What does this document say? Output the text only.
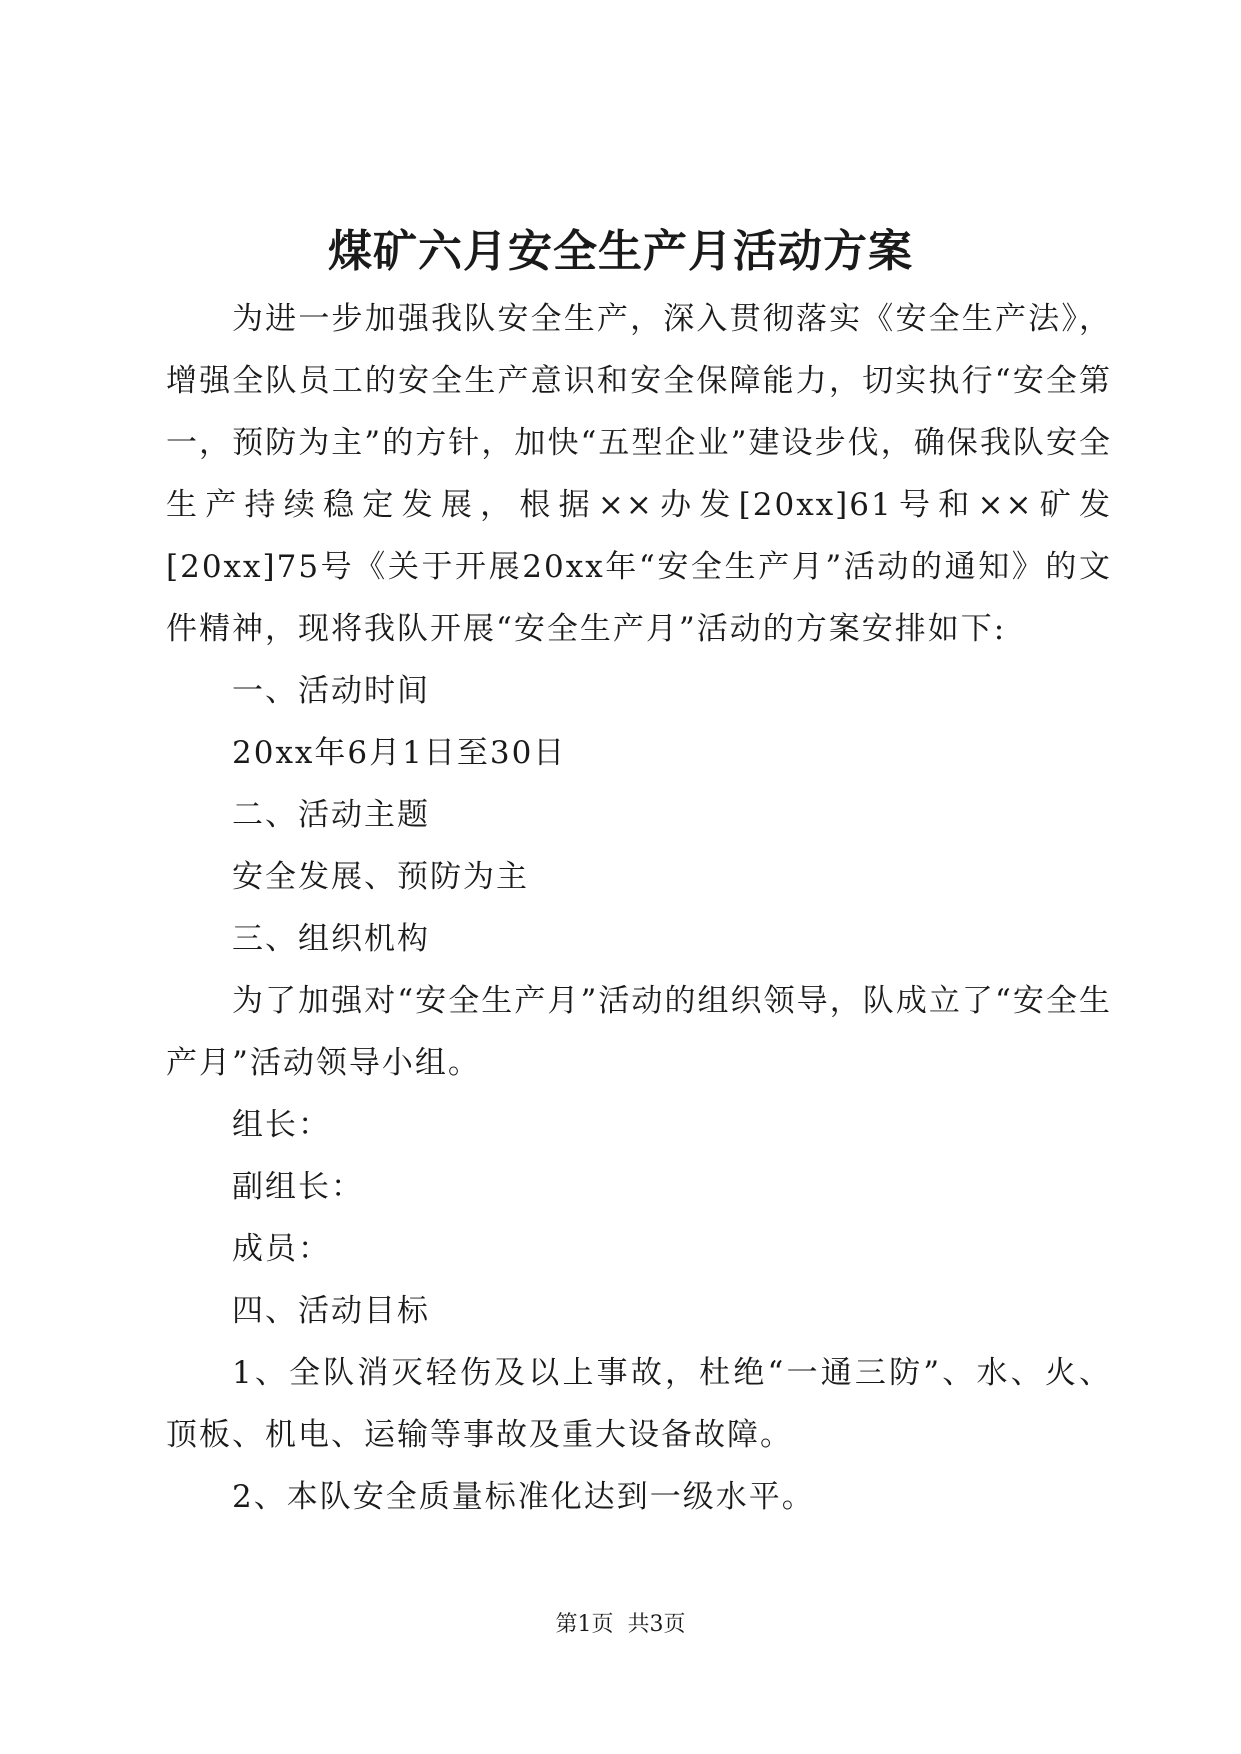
煤矿六月安全生产月活动方案

为进一步加强我队安全生产，深入贯彻落实《安全生产法》，增强全队员工的安全生产意识和安全保障能力，切实执行“安全第一，预防为主”的方针，加快“五型企业”建设步伐，确保我队安全生产持续稳定发展，根据××办发[20xx]61号和××矿发[20xx]75号《关于开展20xx年“安全生产月”活动的通知》的文件精神，现将我队开展“安全生产月”活动的方案安排如下:

一、活动时间

20xx年6月1日至30日

二、活动主题

安全发展、预防为主

三、组织机构

为了加强对“安全生产月”活动的组织领导，队成立了“安全生产月”活动领导小组。

组长：

副组长：

成员：

四、活动目标

1、全队消灭轻伤及以上事故，杜绝“一通三防”、水、火、顶板、机电、运输等事故及重大设备故障。

2、本队安全质量标准化达到一级水平。

第1页 共3页
